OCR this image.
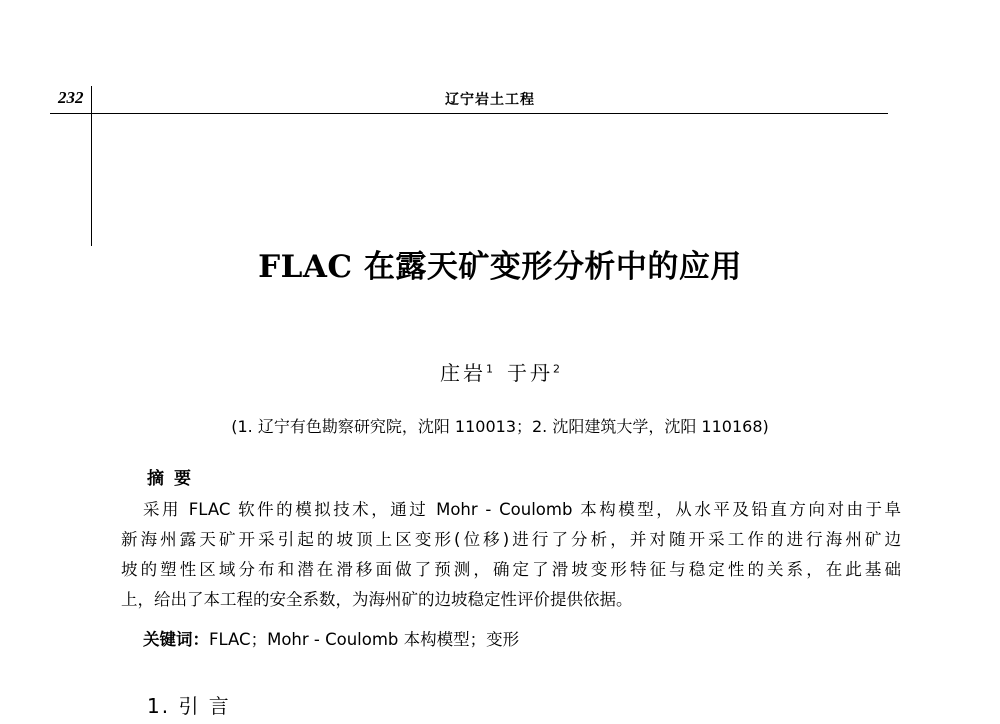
232	辽宁岩土工程
FLAC 在露天矿变形分析中的应用
庄岩$^1$ 于丹$^2$
(1. 辽宁有色勘察研究院，沈阳 110013；2. 沈阳建筑大学，沈阳 110168)
摘要
采用 FLAC 软件的模拟技术，通过 Mohr - Coulomb 本构模型，从水平及铅直方向对由于阜
新海州露天矿开采引起的坡顶上区变形(位移)进行了分析，并对随开采工作的进行海州矿边
坡的塑性区域分布和潜在滑移面做了预测，确定了滑坡变形特征与稳定性的关系，在此基础
上，给出了本工程的安全系数，为海州矿的边坡稳定性评价提供依据。
关键词：FLAC；Mohr - Coulomb 本构模型；变形
1. 引 言
